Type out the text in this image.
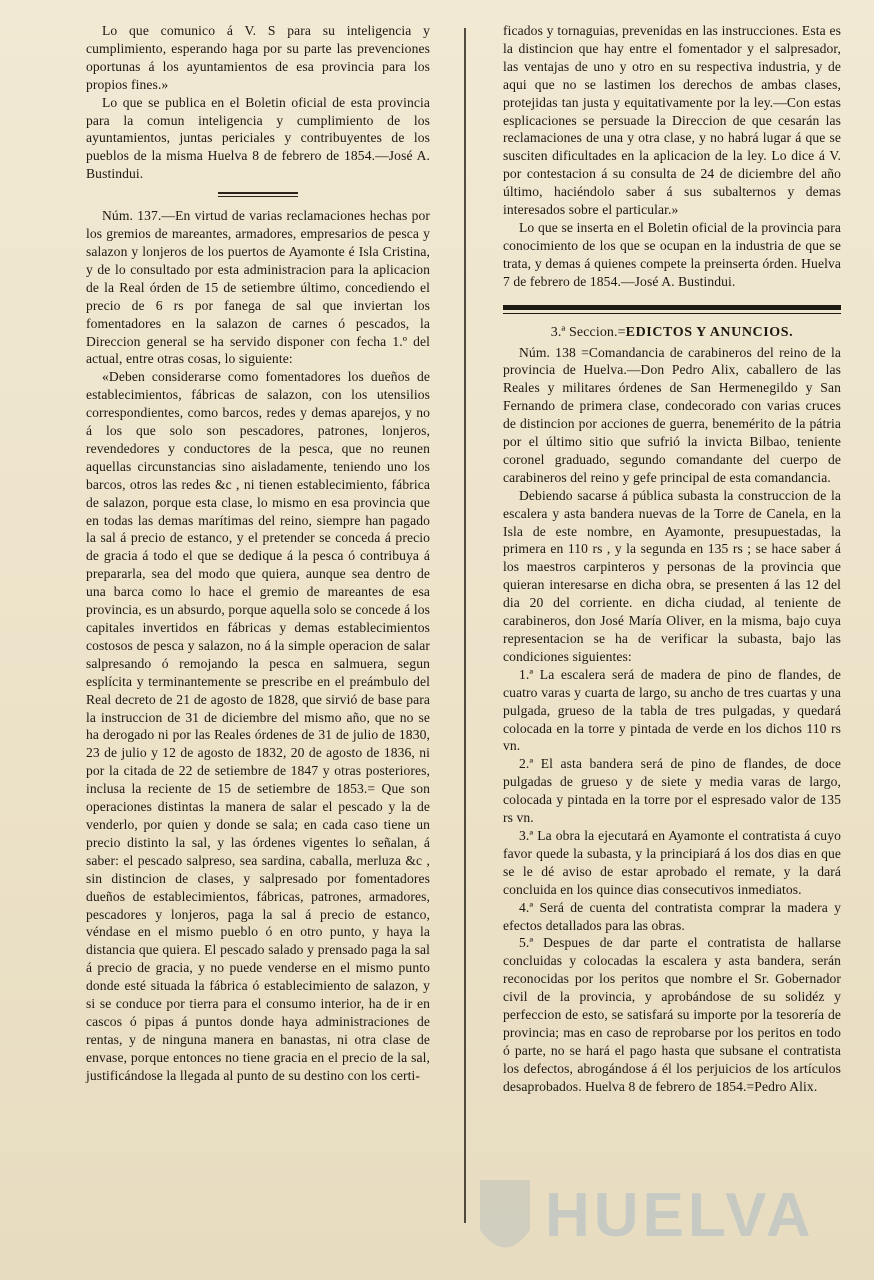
Lo que comunico á V. S para su inteligencia y cumplimiento, esperando haga por su parte las prevenciones oportunas á los ayuntamientos de esa provincia para los propios fines.»

Lo que se publica en el Boletin oficial de esta provincia para la comun inteligencia y cumplimiento de los ayuntamientos, juntas periciales y contribuyentes de los pueblos de la misma Huelva 8 de febrero de 1854.—José A. Bustindui.

Núm. 137.—En virtud de varias reclamaciones hechas por los gremios de mareantes, armadores, empresarios de pesca y salazon y lonjeros de los puertos de Ayamonte é Isla Cristina, y de lo consultado por esta administracion para la aplicacion de la Real órden de 15 de setiembre último, concediendo el precio de 6 rs por fanega de sal que inviertan los fomentadores en la salazon de carnes ó pescados, la Direccion general se ha servido disponer con fecha 1.º del actual, entre otras cosas, lo siguiente:

«Deben considerarse como fomentadores los dueños de establecimientos, fábricas de salazon, con los utensilios correspondientes, como barcos, redes y demas aparejos, y no á los que solo son pescadores, patrones, lonjeros, revendedores y conductores de la pesca, que no reunen aquellas circunstancias sino aisladamente, teniendo uno los barcos, otros las redes &c , ni tienen establecimiento, fábrica de salazon, porque esta clase, lo mismo en esa provincia que en todas las demas marítimas del reino, siempre han pagado la sal á precio de estanco, y el pretender se conceda á precio de gracia á todo el que se dedique á la pesca ó contribuya á prepararla, sea del modo que quiera, aunque sea dentro de una barca como lo hace el gremio de mareantes de esa provincia, es un absurdo, porque aquella solo se concede á los capitales invertidos en fábricas y demas establecimientos costosos de pesca y salazon, no á la simple operacion de salar salpresando ó remojando la pesca en salmuera, segun esplícita y terminantemente se prescribe en el preámbulo del Real decreto de 21 de agosto de 1828, que sirvió de base para la instruccion de 31 de diciembre del mismo año, que no se ha derogado ni por las Reales órdenes de 31 de julio de 1830, 23 de julio y 12 de agosto de 1832, 20 de agosto de 1836, ni por la citada de 22 de setiembre de 1847 y otras posteriores, inclusa la reciente de 15 de setiembre de 1853.= Que son operaciones distintas la manera de salar el pescado y la de venderlo, por quien y donde se sala; en cada caso tiene un precio distinto la sal, y las órdenes vigentes lo señalan, á saber: el pescado salpreso, sea sardina, caballa, merluza &c , sin distincion de clases, y salpresado por fomentadores dueños de establecimientos, fábricas, patrones, armadores, pescadores y lonjeros, paga la sal á precio de estanco, véndase en el mismo pueblo ó en otro punto, y haya la distancia que quiera. El pescado salado y prensado paga la sal á precio de gracia, y no puede venderse en el mismo punto donde esté situada la fábrica ó establecimiento de salazon, y si se conduce por tierra para el consumo interior, ha de ir en cascos ó pipas á puntos donde haya administraciones de rentas, y de ninguna manera en banastas, ni otra clase de envase, porque entonces no tiene gracia en el precio de la sal, justificándose la llegada al punto de su destino con los certi-

ficados y tornaguias, prevenidas en las instrucciones. Esta es la distincion que hay entre el fomentador y el salpresador, las ventajas de uno y otro en su respectiva industria, y de aqui que no se lastimen los derechos de ambas clases, protejidas tan justa y equitativamente por la ley.—Con estas esplicaciones se persuade la Direccion de que cesarán las reclamaciones de una y otra clase, y no habrá lugar á que se susciten dificultades en la aplicacion de la ley. Lo dice á V. por contestacion á su consulta de 24 de diciembre del año último, haciéndolo saber á sus subalternos y demas interesados sobre el particular.»

Lo que se inserta en el Boletin oficial de la provincia para conocimiento de los que se ocupan en la industria de que se trata, y demas á quienes compete la preinserta órden. Huelva 7 de febrero de 1854.—José A. Bustindui.

3.ª Seccion.=EDICTOS Y ANUNCIOS.

Núm. 138 =Comandancia de carabineros del reino de la provincia de Huelva.—Don Pedro Alix, caballero de las Reales y militares órdenes de San Hermenegildo y San Fernando de primera clase, condecorado con varias cruces de distincion por acciones de guerra, benemérito de la pátria por el último sitio que sufrió la invicta Bilbao, teniente coronel graduado, segundo comandante del cuerpo de carabineros del reino y gefe principal de esta comandancia.

Debiendo sacarse á pública subasta la construccion de la escalera y asta bandera nuevas de la Torre de Canela, en la Isla de este nombre, en Ayamonte, presupuestadas, la primera en 110 rs , y la segunda en 135 rs ; se hace saber á los maestros carpinteros y personas de la provincia que quieran interesarse en dicha obra, se presenten á las 12 del dia 20 del corriente. en dicha ciudad, al teniente de carabineros, don José María Oliver, en la misma, bajo cuya representacion se ha de verificar la subasta, bajo las condiciones siguientes:

1.ª La escalera será de madera de pino de flandes, de cuatro varas y cuarta de largo, su ancho de tres cuartas y una pulgada, grueso de la tabla de tres pulgadas, y quedará colocada en la torre y pintada de verde en los dichos 110 rs vn.

2.ª El asta bandera será de pino de flandes, de doce pulgadas de grueso y de siete y media varas de largo, colocada y pintada en la torre por el espresado valor de 135 rs vn.

3.ª La obra la ejecutará en Ayamonte el contratista á cuyo favor quede la subasta, y la principiará á los dos dias en que se le dé aviso de estar aprobado el remate, y la dará concluida en los quince dias consecutivos inmediatos.

4.ª Será de cuenta del contratista comprar la madera y efectos detallados para las obras.

5.ª Despues de dar parte el contratista de hallarse concluidas y colocadas la escalera y asta bandera, serán reconocidas por los peritos que nombre el Sr. Gobernador civil de la provincia, y aprobándose de su solidéz y perfeccion de esto, se satisfará su importe por la tesorería de provincia; mas en caso de reprobarse por los peritos en todo ó parte, no se hará el pago hasta que subsane el contratista los defectos, abrogándose á él los perjuicios de los artículos desaprobados. Huelva 8 de febrero de 1854.=Pedro Alix.

HUELVA
